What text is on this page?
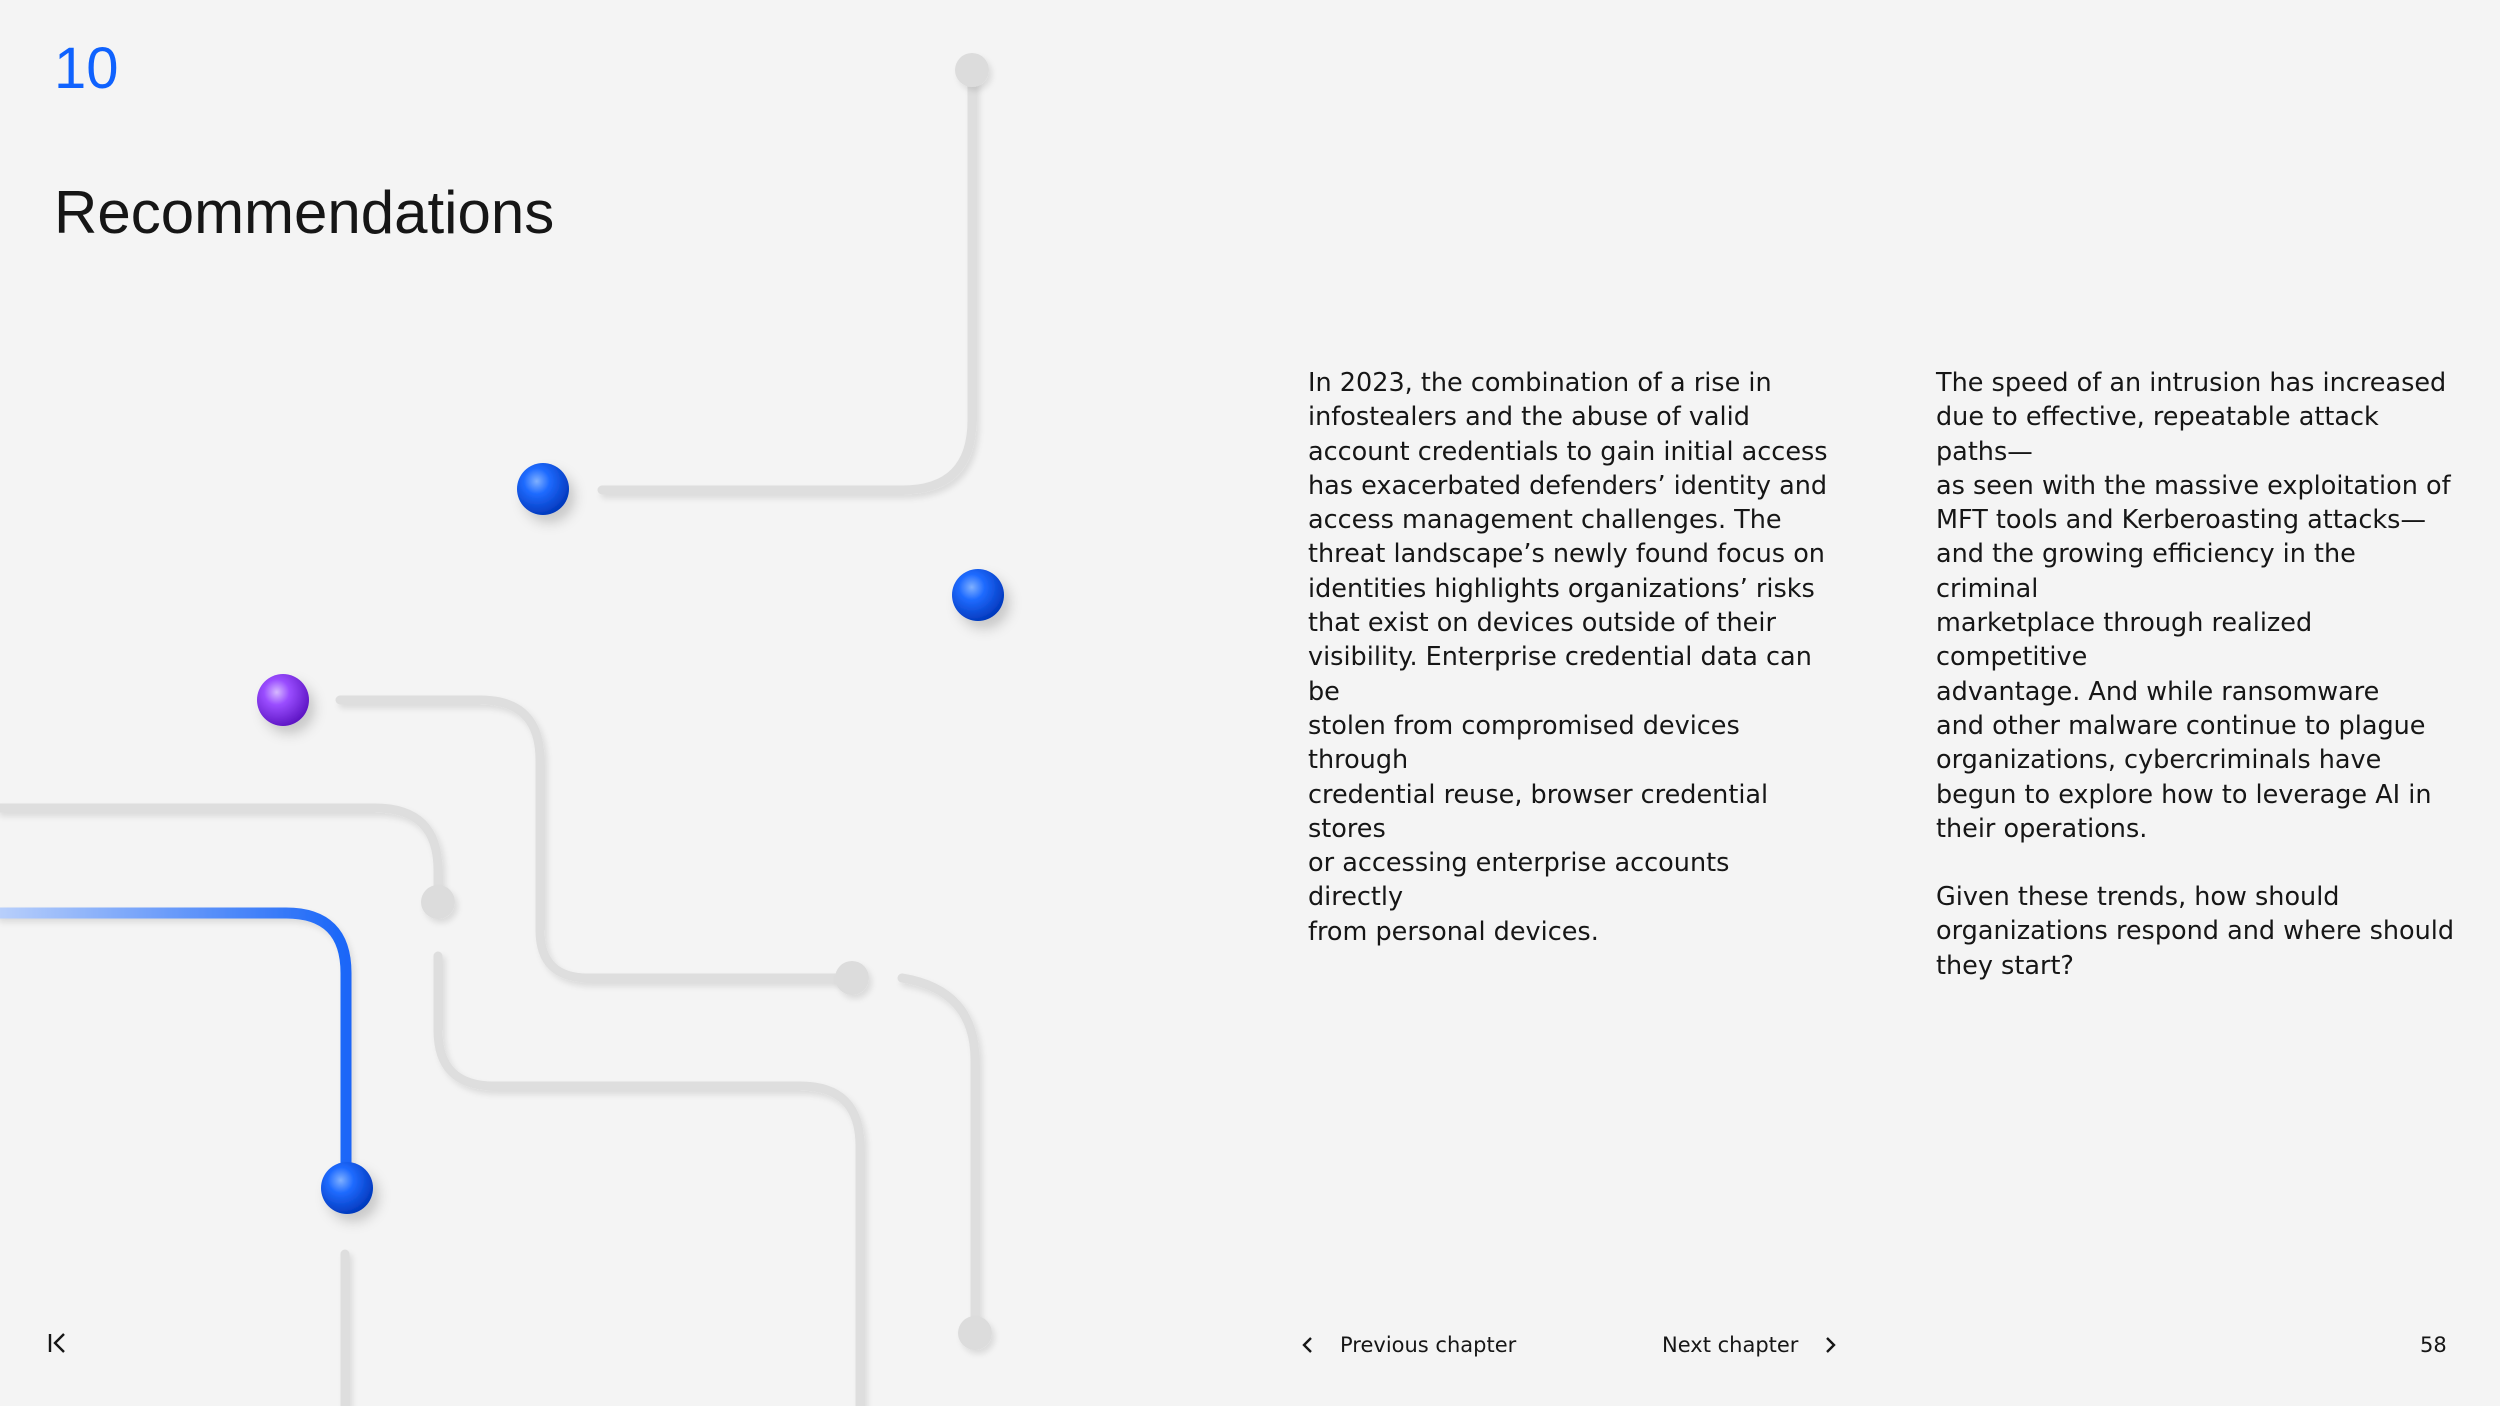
10
Recommendations

In 2023, the combination of a rise in
infostealers and the abuse of valid
account credentials to gain initial access
has exacerbated defenders’ identity and
access management challenges. The
threat landscape’s newly found focus on
identities highlights organizations’ risks
that exist on devices outside of their
visibility. Enterprise credential data can be
stolen from compromised devices through
credential reuse, browser credential stores
or accessing enterprise accounts directly
from personal devices.

The speed of an intrusion has increased
due to effective, repeatable attack paths—
as seen with the massive exploitation of
MFT tools and Kerberoasting attacks—
and the growing efficiency in the criminal
marketplace through realized competitive
advantage. And while ransomware
and other malware continue to plague
organizations, cybercriminals have
begun to explore how to leverage AI in
their operations.

Given these trends, how should
organizations respond and where should
they start?

Previous chapter	Next chapter	58
